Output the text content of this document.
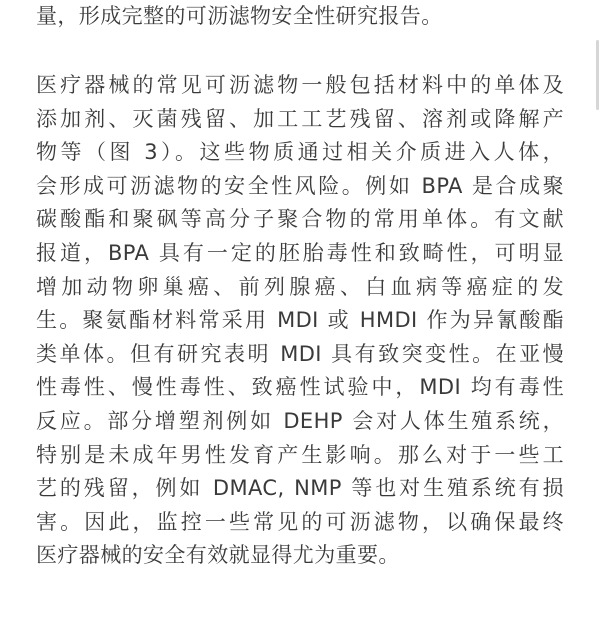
量，形成完整的可沥滤物安全性研究报告。
医疗器械的常见可沥滤物一般包括材料中的单体及
添加剂、灭菌残留、加工工艺残留、溶剂或降解产
物等（图 3）。这些物质通过相关介质进入人体，
会形成可沥滤物的安全性风险。例如 BPA 是合成聚
碳酸酯和聚砜等高分子聚合物的常用单体。有文献
报道，BPA 具有一定的胚胎毒性和致畸性，可明显
增加动物卵巢癌、前列腺癌、白血病等癌症的发
生。聚氨酯材料常采用 MDI 或 HMDI 作为异氰酸酯
类单体。但有研究表明 MDI 具有致突变性。在亚慢
性毒性、慢性毒性、致癌性试验中，MDI 均有毒性
反应。部分增塑剂例如 DEHP 会对人体生殖系统，
特别是未成年男性发育产生影响。那么对于一些工
艺的残留，例如 DMAC, NMP 等也对生殖系统有损
害。因此，监控一些常见的可沥滤物，以确保最终
医疗器械的安全有效就显得尤为重要。
